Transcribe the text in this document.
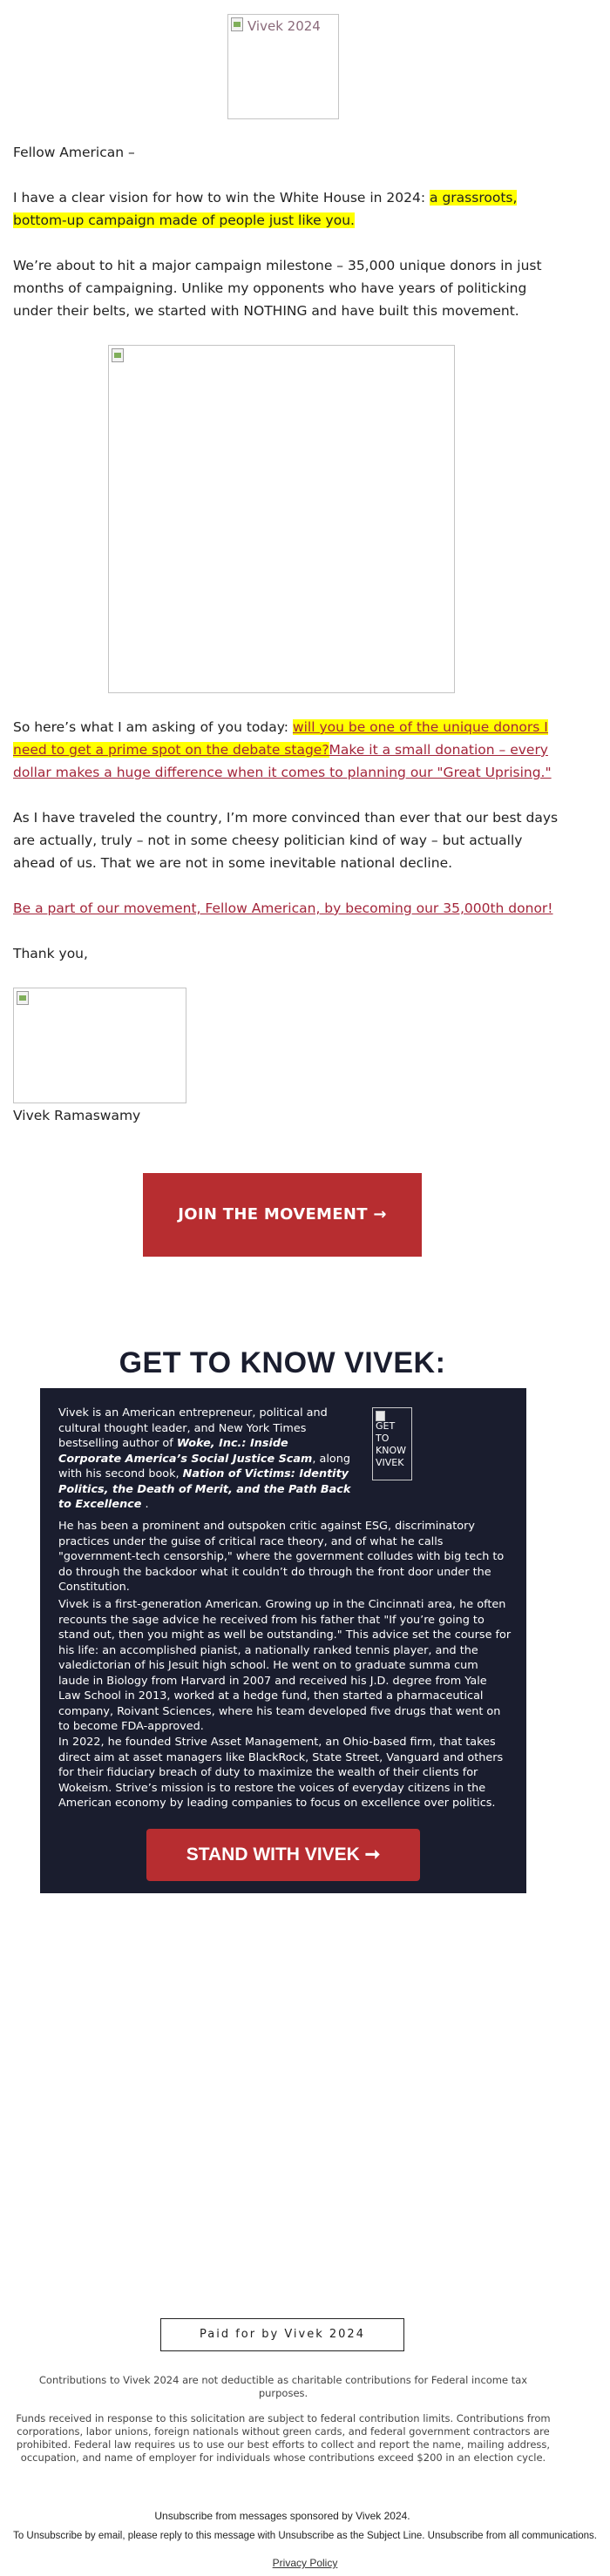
Vivek 2024
Fellow American –
I have a clear vision for how to win the White House in 2024: a grassroots, bottom-up campaign made of people just like you.
We’re about to hit a major campaign milestone – 35,000 unique donors in just months of campaigning. Unlike my opponents who have years of politicking under their belts, we started with NOTHING and have built this movement.
So here’s what I am asking of you today: will you be one of the unique donors I need to get a prime spot on the debate stage?Make it a small donation – every dollar makes a huge difference when it comes to planning our "Great Uprising."
As I have traveled the country, I’m more convinced than ever that our best days are actually, truly – not in some cheesy politician kind of way – but actually ahead of us. That we are not in some inevitable national decline.
Be a part of our movement, Fellow American, by becoming our 35,000th donor!
Thank you,
Vivek Ramaswamy
JOIN THE MOVEMENT →
GET TO KNOW VIVEK:
Vivek is an American entrepreneur, political and cultural thought leader, and New York Times bestselling author of Woke, Inc.: Inside Corporate America’s Social Justice Scam, along with his second book, Nation of Victims: Identity Politics, the Death of Merit, and the Path Back to Excellence .
GET TO KNOW VIVEK
He has been a prominent and outspoken critic against ESG, discriminatory practices under the guise of critical race theory, and of what he calls "government-tech censorship," where the government colludes with big tech to do through the backdoor what it couldn’t do through the front door under the Constitution.
Vivek is a first-generation American. Growing up in the Cincinnati area, he often recounts the sage advice he received from his father that "If you’re going to stand out, then you might as well be outstanding." This advice set the course for his life: an accomplished pianist, a nationally ranked tennis player, and the valedictorian of his Jesuit high school. He went on to graduate summa cum laude in Biology from Harvard in 2007 and received his J.D. degree from Yale Law School in 2013, worked at a hedge fund, then started a pharmaceutical company, Roivant Sciences, where his team developed five drugs that went on to become FDA-approved.
In 2022, he founded Strive Asset Management, an Ohio-based firm, that takes direct aim at asset managers like BlackRock, State Street, Vanguard and others for their fiduciary breach of duty to maximize the wealth of their clients for Wokeism. Strive’s mission is to restore the voices of everyday citizens in the American economy by leading companies to focus on excellence over politics.
STAND WITH VIVEK ➞
Paid for by Vivek 2024
Contributions to Vivek 2024 are not deductible as charitable contributions for Federal income tax purposes.
Funds received in response to this solicitation are subject to federal contribution limits. Contributions from corporations, labor unions, foreign nationals without green cards, and federal government contractors are prohibited. Federal law requires us to use our best efforts to collect and report the name, mailing address, occupation, and name of employer for individuals whose contributions exceed $200 in an election cycle.
Unsubscribe from messages sponsored by Vivek 2024.
To Unsubscribe by email, please reply to this message with Unsubscribe as the Subject Line. Unsubscribe from all communications.
Privacy Policy
